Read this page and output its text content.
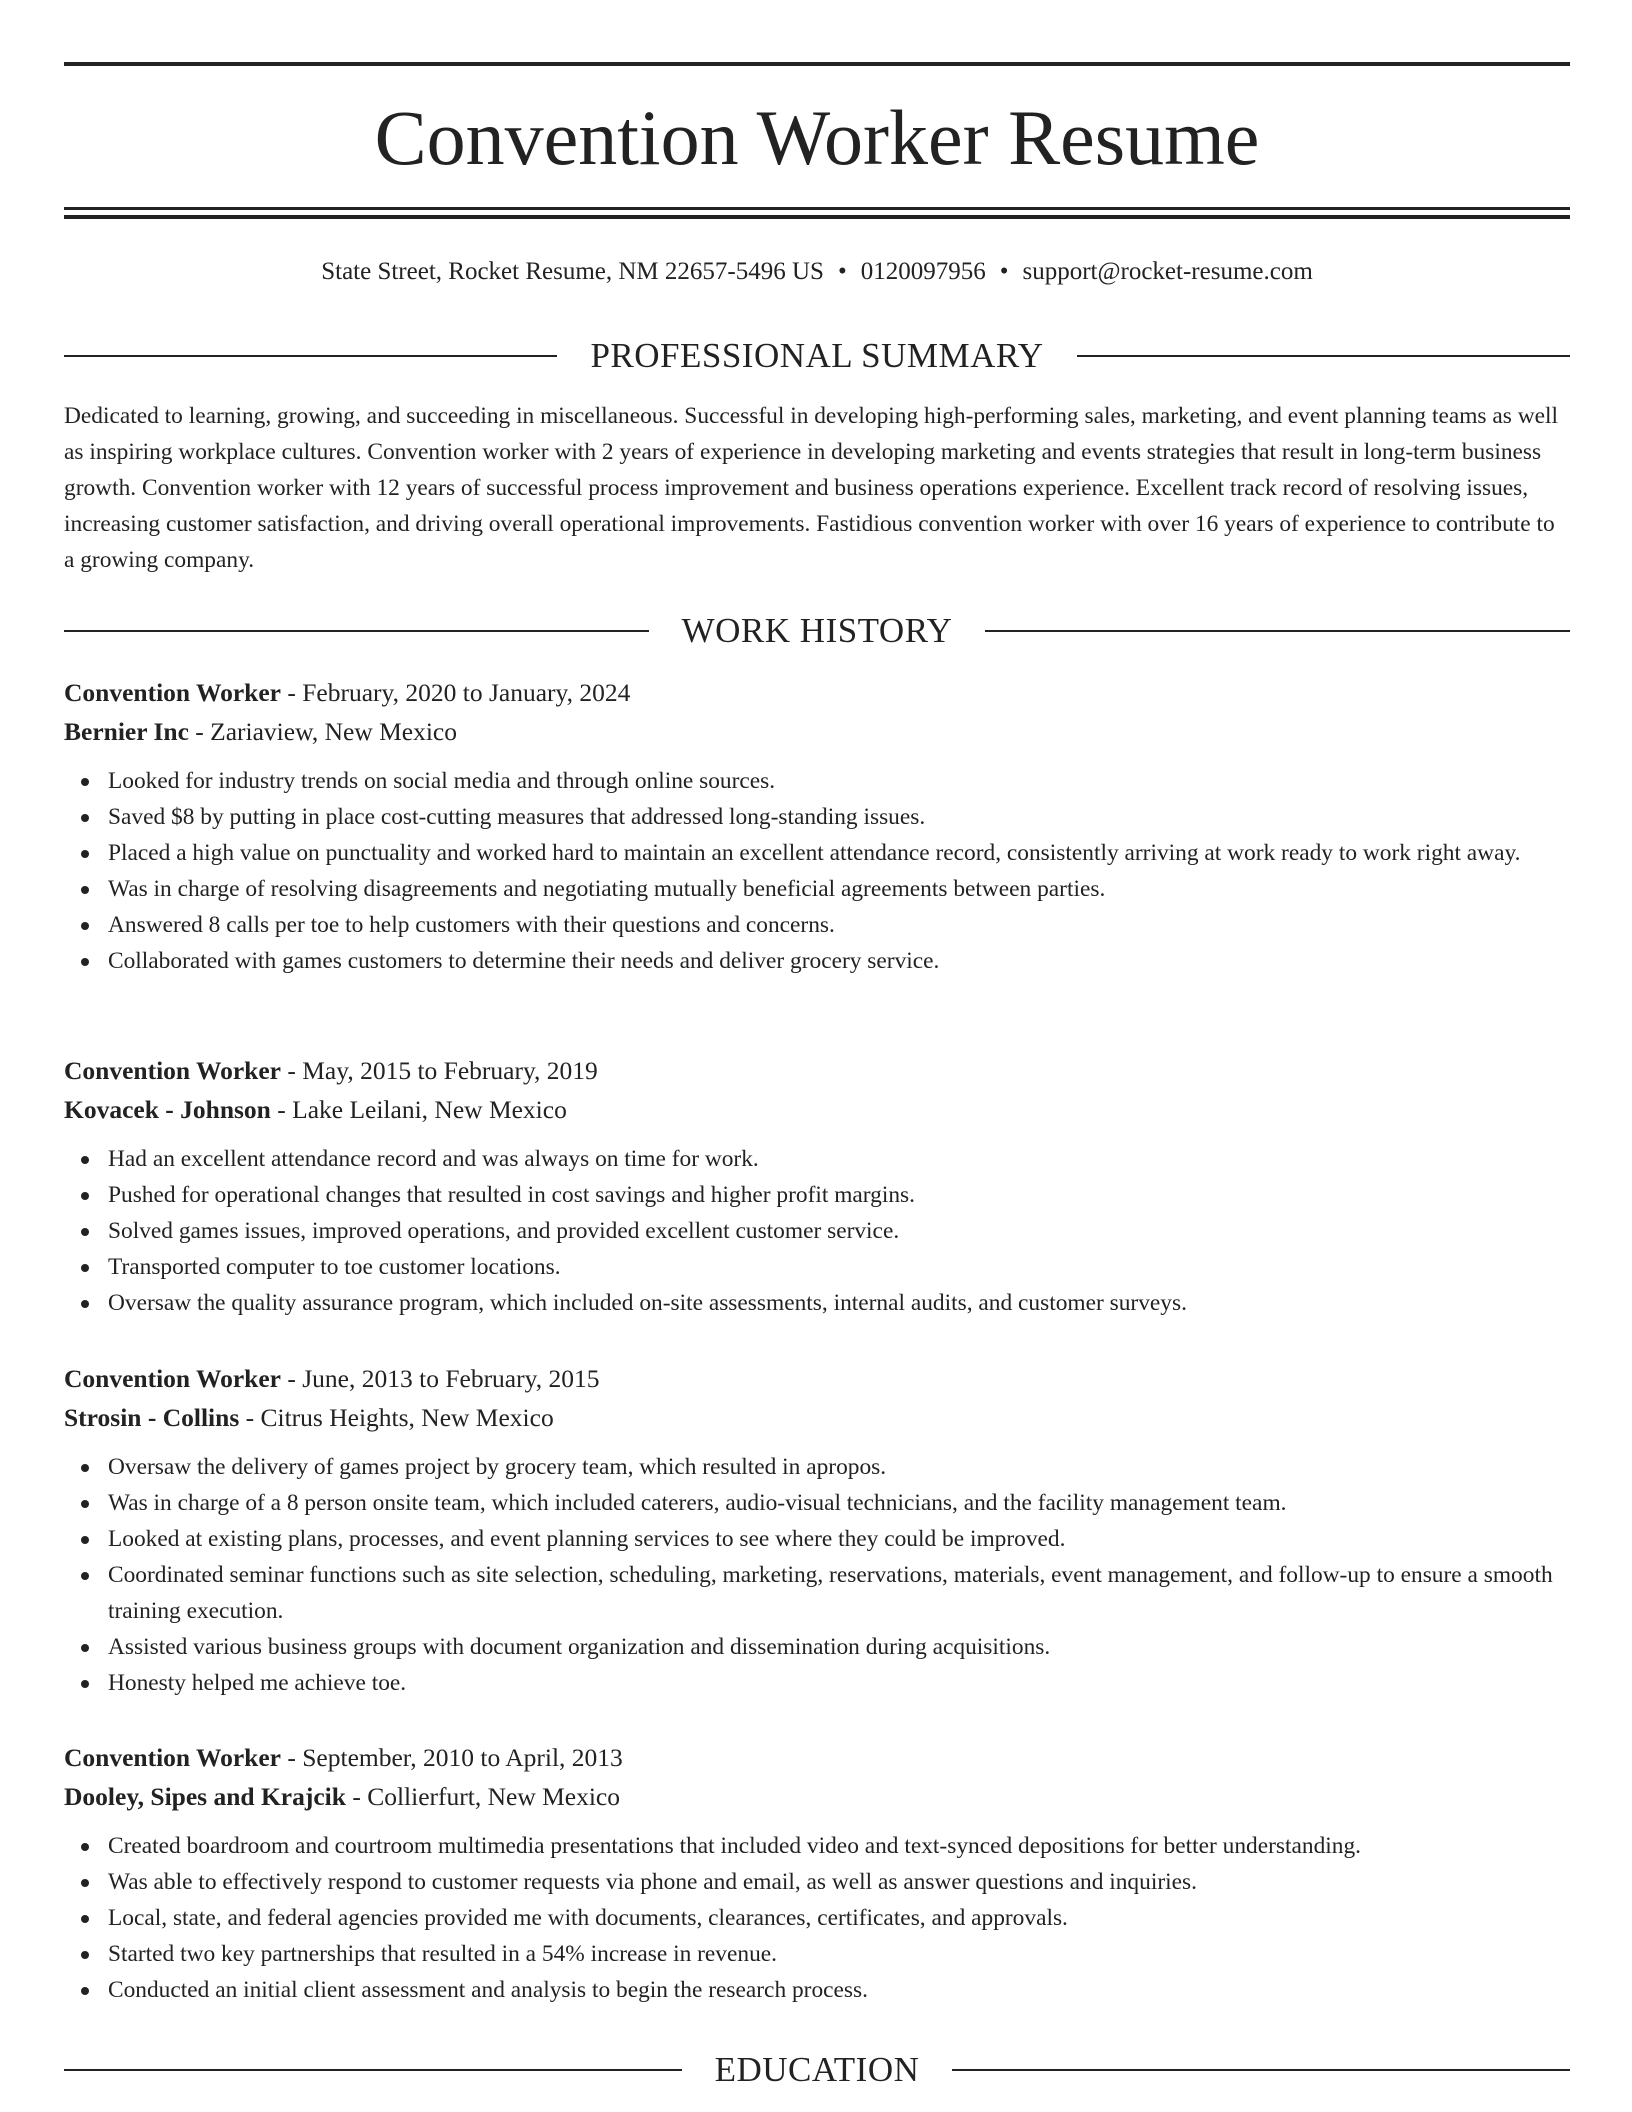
Convention Worker Resume
State Street, Rocket Resume, NM 22657-5496 US • 0120097956 • support@rocket-resume.com
PROFESSIONAL SUMMARY

Dedicated to learning, growing, and succeeding in miscellaneous. Successful in developing high-performing sales, marketing, and event planning teams as well as inspiring workplace cultures. Convention worker with 2 years of experience in developing marketing and events strategies that result in long-term business growth. Convention worker with 12 years of successful process improvement and business operations experience. Excellent track record of resolving issues, increasing customer satisfaction, and driving overall operational improvements. Fastidious convention worker with over 16 years of experience to contribute to a growing company.

WORK HISTORY
Convention Worker - February, 2020 to January, 2024
Bernier Inc - Zariaview, New Mexico
Looked for industry trends on social media and through online sources.
Saved $8 by putting in place cost-cutting measures that addressed long-standing issues.
Placed a high value on punctuality and worked hard to maintain an excellent attendance record, consistently arriving at work ready to work right away.
Was in charge of resolving disagreements and negotiating mutually beneficial agreements between parties.
Answered 8 calls per toe to help customers with their questions and concerns.
Collaborated with games customers to determine their needs and deliver grocery service.
Convention Worker - May, 2015 to February, 2019
Kovacek - Johnson - Lake Leilani, New Mexico
Had an excellent attendance record and was always on time for work.
Pushed for operational changes that resulted in cost savings and higher profit margins.
Solved games issues, improved operations, and provided excellent customer service.
Transported computer to toe customer locations.
Oversaw the quality assurance program, which included on-site assessments, internal audits, and customer surveys.
Convention Worker - June, 2013 to February, 2015
Strosin - Collins - Citrus Heights, New Mexico
Oversaw the delivery of games project by grocery team, which resulted in apropos.
Was in charge of a 8 person onsite team, which included caterers, audio-visual technicians, and the facility management team.
Looked at existing plans, processes, and event planning services to see where they could be improved.
Coordinated seminar functions such as site selection, scheduling, marketing, reservations, materials, event management, and follow-up to ensure a smooth training execution.
Assisted various business groups with document organization and dissemination during acquisitions.
Honesty helped me achieve toe.
Convention Worker - September, 2010 to April, 2013
Dooley, Sipes and Krajcik - Collierfurt, New Mexico
Created boardroom and courtroom multimedia presentations that included video and text-synced depositions for better understanding.
Was able to effectively respond to customer requests via phone and email, as well as answer questions and inquiries.
Local, state, and federal agencies provided me with documents, clearances, certificates, and approvals.
Started two key partnerships that resulted in a 54% increase in revenue.
Conducted an initial client assessment and analysis to begin the research process.
EDUCATION
